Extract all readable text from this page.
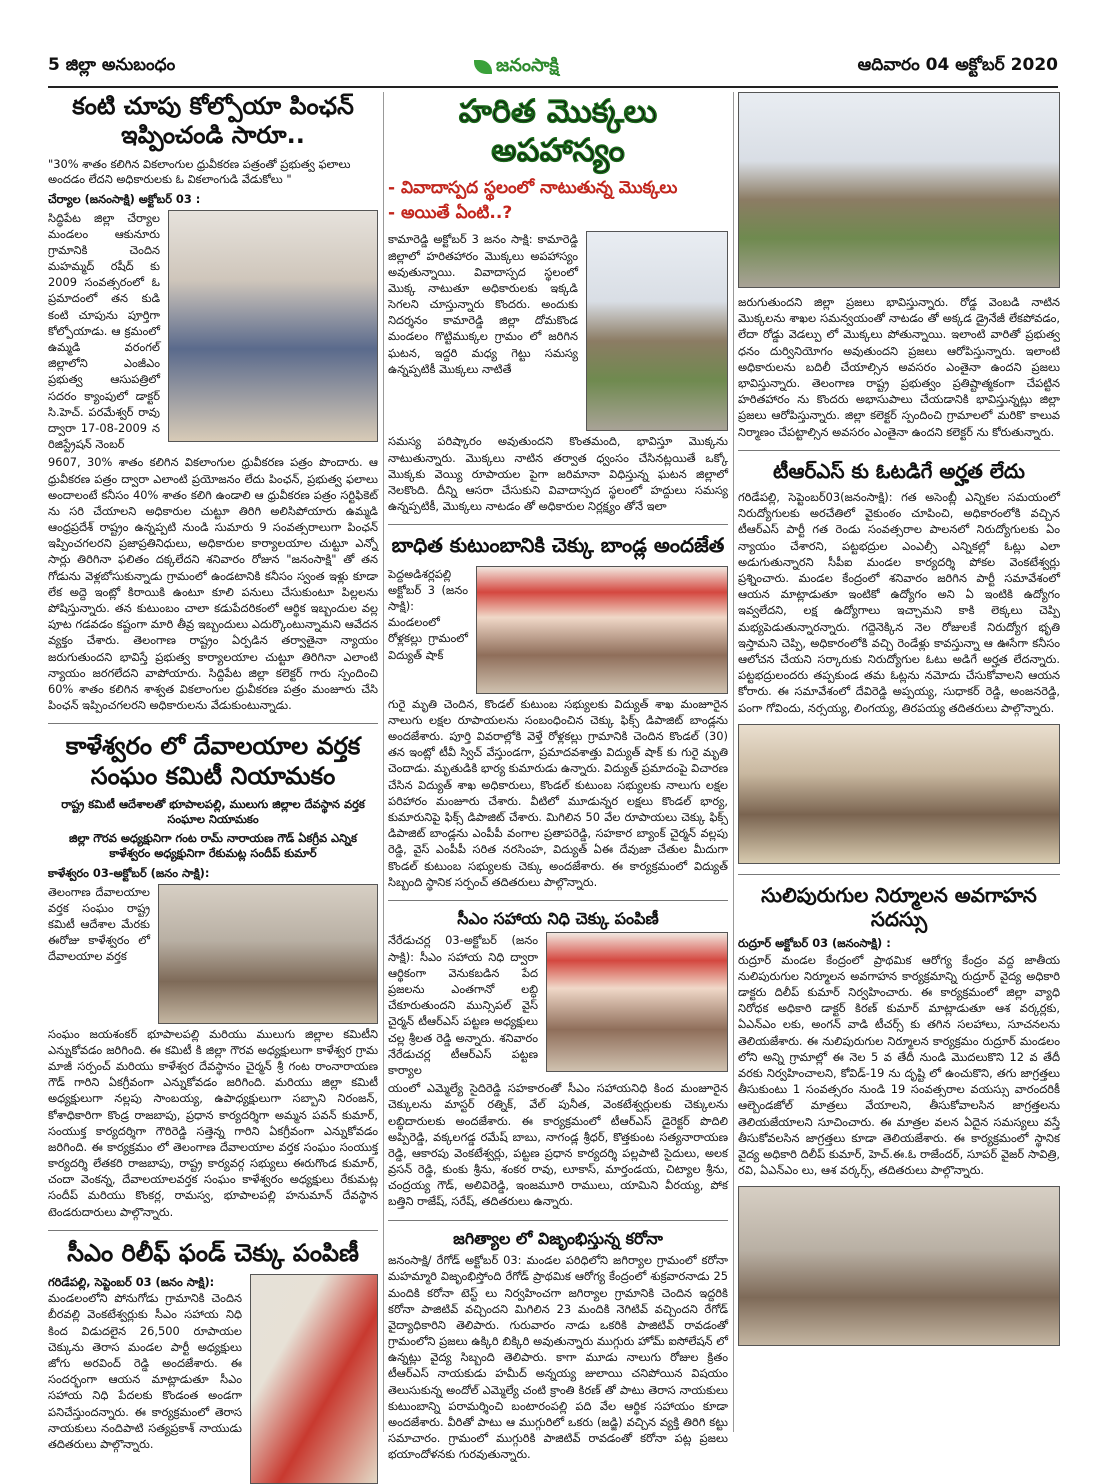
5 జిల్లా అనుబంధం	జనంసాక్షి	ఆదివారం 04 అక్టోబర్ 2020
కంటి చూపు కోల్పోయా పింఛన్ ఇప్పించండి సారూ..
"30% శాతం కలిగిన వికలాంగుల ధ్రువీకరణ పత్రంతో ప్రభుత్వ ఫలాలు అందడం లేదని అధికారులకు ఓ వికలాంగుడి వేడుకోలు "
చేర్యాల (జనంసాక్షి) అక్టోబర్ 03 :

సిద్ధిపేట జిల్లా చేర్యాల మండలం ఆకునూరు గ్రామానికి చెందిన మహమ్మద్ రషీద్ కు 2009 సంవత్సరంలో ఓ ప్రమాదంలో తన కుడి కంటి చూపును పూర్తిగా కోల్పోయాడు. ఆ క్రమంలో ఉమ్మడి వరంగల్ జిల్లాలోని ఎంజీఎం ప్రభుత్వ ఆసుపత్రిలో సదరం క్యాంపులో డాక్టర్ సి.హెచ్. పరమేశ్వర్ రావు ద్వారా 17-08-2009 న రిజిస్ట్రేషన్ నెంబర్

9607, 30% శాతం కలిగిన వికలాంగుల ధ్రువీకరణ పత్రం పొందారు. ఆ ధ్రువీకరణ పత్రం ద్వారా ఎలాంటి ప్రయోజనం లేదు పింఛన్, ప్రభుత్వ ఫలాలు అందాలంటే కనీసం 40% శాతం కలిగి ఉండాలి ఆ ధ్రువీకరణ పత్రం సర్టిఫికెట్ ను సరి చేయాలని అధికారుల చుట్టూ తిరిగి అలిసిపోయారు ఉమ్మడి ఆంధ్రప్రదేశ్ రాష్ట్రం ఉన్నప్పటి నుండి సుమారు 9 సంవత్సరాలుగా పింఛన్ ఇప్పించగలరని ప్రజాప్రతినిధులు, అధికారుల కార్యాలయాల చుట్టూ ఎన్నో సార్లు తిరిగినా ఫలితం దక్కలేదని శనివారం రోజున "జనంసాక్షి" తో తన గోడును వెళ్లబోసుకున్నాడు గ్రామంలో ఉండటానికి కనీసం స్వంత ఇళ్లు కూడా లేక అద్దె ఇంట్లో కిరాయికి ఉంటూ కూలి పనులు చేసుకుంటూ పిల్లలను పోషిస్తున్నారు. తన కుటుంబం చాలా కడుపేదరికంలో ఆర్థిక ఇబ్బందుల వల్ల పూట గడవడం కష్టంగా మారి తీవ్ర ఇబ్బందులు ఎదుర్కొంటున్నామని ఆవేదన వ్యక్తం చేశారు. తెలంగాణ రాష్ట్రం ఏర్పడిన తర్వాతైనా న్యాయం జరుగుతుందని భావిస్తే ప్రభుత్వ కార్యాలయాల చుట్టూ తిరిగినా ఎలాంటి న్యాయం జరగలేదని వాపోయారు. సిద్దిపేట జిల్లా కలెక్టర్ గారు స్పందించి 60% శాతం కలిగిన శాశ్వత వికలాంగుల ధ్రువీకరణ పత్రం మంజూరు చేసి పింఛన్ ఇప్పించగలరని అధికారులను వేడుకుంటున్నాడు.

కాళేశ్వరం లో దేవాలయాల వర్తక సంఘం కమిటీ నియామకం
రాష్ట్ర కమిటీ ఆదేశాలతో భూపాలపల్లి, ములుగు జిల్లాల దేవస్థాన వర్తక సంఘాల నియామకం
జిల్లా గౌరవ అధ్యక్షునిగా గంట రామ్ నారాయణ గౌడ్ ఏకగ్రీవ ఎన్నిక కాళేశ్వరం అధ్యక్షునిగా రేకుమట్ల సందీప్ కుమార్
కాళేశ్వరం 03-అక్టోబర్ (జనం సాక్షి):

తెలంగాణ దేవాలయాల వర్తక సంఘం రాష్ట్ర కమిటీ ఆదేశాల మేరకు ఈరోజు కాళేశ్వరం లో దేవాలయాల వర్తక

సంఘం జయశంకర్ భూపాలపల్లి మరియు ములుగు జిల్లాల కమిటీని ఎన్నుకోవడం జరిగింది. ఈ కమిటీ కి జిల్లా గౌరవ అధ్యక్షులుగా కాళేశ్వర గ్రామ మాజీ సర్పంచ్ మరియు కాళేశ్వర దేవస్థానం చైర్మన్ శ్రీ గంట రాంనారాయణ గౌడ్ గారిని ఏకగ్రీవంగా ఎన్నుకోవడం జరిగింది. మరియు జిల్లా కమిటీ అధ్యక్షులుగా నల్లపు సాంబయ్య, ఉపాధ్యక్షులుగా సబ్బాని నిరంజన్, కోశాధికారిగా కొండ్ర రాజబాపు, ప్రధాన కార్యదర్శిగా అమ్మన పవన్ కుమార్, సంయుక్త కార్యదర్శిగా గౌరిరెడ్డి సత్తెన్న గారిని ఏకగ్రీవంగా ఎన్నుకోవడం జరిగింది. ఈ కార్యక్రమం లో తెలంగాణ దేవాలయాల వర్తక సంఘం సంయుక్త కార్యదర్శి లేతకరి రాజబాపు, రాష్ట్ర కార్యవర్గ సభ్యులు ఈరుగొండ కుమార్, చందా వెంకన్న, దేవాలయాలవర్తక సంఘం కాళేశ్వరం అధ్యక్షులు రేకుమట్ల సందీప్ మరియు కొంకర్ల, రామస్వ, భూపాలపల్లి హనుమాన్ దేవస్థాన టెండరుదారులు పాల్గొన్నారు.

సీఎం రిలీఫ్ ఫండ్ చెక్కు పంపిణీ
గరిడేపల్లి, సెప్టెంబర్ 03 (జనం సాక్షి):

మండలంలోని పోనుగోడు గ్రామానికి చెందిన బీరవల్లి వెంకటేశ్వర్లుకు సీఎం సహాయ నిధి కింద విడుదలైన 26,500 రూపాయల చెక్కును తెరాస మండల పార్టీ అధ్యక్షులు జోగు అరవింద్ రెడ్డి అందజేశారు. ఈ సందర్భంగా ఆయన మాట్లాడుతూ సీఎం సహాయ నిధి పేదలకు కొండంత అండగా పనిచేస్తుందన్నారు. ఈ కార్యక్రమంలో తెరాస నాయకులు నందిపాటి సత్యప్రకాశ్ నాయుడు తదితరులు పాల్గొన్నారు.

హరిత మొక్కలు అపహాస్యం
- వివాదాస్పద స్థలంలో నాటుతున్న మొక్కలు
- అయితే ఏంటి..?

కామారెడ్డి అక్టోబర్ 3 జనం సాక్షి: కామారెడ్డి జిల్లాలో హరితహారం మొక్కలు అపహాస్యం అవుతున్నాయి. వివాదాస్పద స్థలంలో మొక్క నాటుతూ అధికారులకు ఇక్కడి సెగలని చూస్తున్నారు కొందరు. అందుకు నిదర్శనం కామారెడ్డి జిల్లా దోమకొండ మండలం గొట్టిముక్కల గ్రామం లో జరిగిన ఘటన, ఇద్దరి మధ్య గెట్టు సమస్య ఉన్నప్పటికీ మొక్కలు నాటితే

సమస్య పరిష్కారం అవుతుందని కొంతమంది, భావిస్తూ మొక్కను నాటుతున్నారు. మొక్కలు నాటిన తర్వాత ధ్వంసం చేసినట్లయితే ఒక్కో మొక్కకు వెయ్యి రూపాయల పైగా జరిమానా విధిస్తున్న ఘటన జిల్లాలో నెలకొంది. దీన్ని ఆసరా చేసుకుని వివాదాస్పద స్థలంలో హద్దులు సమస్య ఉన్నప్పటికీ, మొక్కలు నాటడం తో అధికారుల నిర్లక్ష్యం తోనే ఇలా

బాధిత కుటుంబానికి చెక్కు బాండ్ల అందజేత

పెద్దఅడిశర్లపల్లి అక్టోబర్ 3 (జనం సాక్షి): మండలంలో రోళ్లకల్లు గ్రామంలో విద్యుత్ షాక్

గురై మృతి చెందిన, కొండల్ కుటుంబ సభ్యులకు విద్యుత్ శాఖ మంజూరైన నాలుగు లక్షల రూపాయలను సంబంధించిన చెక్కు ఫిక్స్ డిపాజిట్ బాండ్లను అందజేశారు. పూర్తి వివరాల్లోకి వెళ్తే రోళ్లకల్లు గ్రామానికి చెందిన కొండల్ (30) తన ఇంట్లో టీవీ స్విచ్ వేస్తుండగా, ప్రమాదవశాత్తు విద్యుత్ షాక్ కు గురై మృతి చెందాడు. మృతుడికి భార్య కుమారుడు ఉన్నారు. విద్యుత్ ప్రమాదంపై విచారణ చేసిన విద్యుత్ శాఖ అధికారులు, కొండల్ కుటుంబ సభ్యులకు నాలుగు లక్షల పరిహారం మంజూరు చేశారు. వీటిలో మూడున్నర లక్షలు కొండల్ భార్య, కుమారునిపై ఫిక్స్ డిపాజిట్ చేశారు. మిగిలిన 50 వేల రూపాయలు చెక్కు ఫిక్స్ డిపాజిట్ బాండ్లను ఎంపీపీ వంగాల ప్రతాపరెడ్డి, సహకార బ్యాంక్ చైర్మన్ వల్లపు రెడ్డి, వైస్ ఎంపీపీ సరిత నరసింహ, విద్యుత్ ఏఈ దేవుజా చేతుల మీదుగా కొండల్ కుటుంబ సభ్యులకు చెక్కు అందజేశారు. ఈ కార్యక్రమంలో విద్యుత్ సిబ్బంది స్థానిక సర్పంచ్ తదితరులు పాల్గొన్నారు.

సీఎం సహాయ నిధి చెక్కు పంపిణీ

నేరేడుచర్ల 03-అక్టోబర్ (జనం సాక్షి): సీఎం సహాయ నిధి ద్వారా ఆర్థికంగా వెనుకబడిన పేద ప్రజలను ఎంతగానో లబ్ధి చేకూరుతుందని మున్సిపల్ వైస్ చైర్మన్ టీఆర్ఎస్ పట్టణ అధ్యక్షులు చల్ల శ్రీలత రెడ్డి అన్నారు. శనివారం నేరేడుచర్ల టీఆర్ఎస్ పట్టణ కార్యాల

యంలో ఎమ్మెల్యే సైదిరెడ్డి సహకారంతో సీఎం సహాయనిధి కింద మంజూరైన చెక్కులను మాస్టర్ రత్నిక్, వేల్ పునీత, వెంకటేశ్వర్లులకు చెక్కులను లబ్ధిదారులకు అందజేశారు. ఈ కార్యక్రమంలో టీఆర్ఎస్ డైరెక్టర్ పొదిలి అప్పిరెడ్డి, వక్కలగడ్డ రమేష్ బాబు, నాగండ్ల శ్రీధర్, కొత్తకుంట సత్యనారాయణ రెడ్డి, ఆకారపు వెంకటేశ్వర్లు, పట్టణ ప్రధాన కార్యదర్శి పల్లపాటి సైదులు, అలక వ్రసన్ రెడ్డి, కుంకు శ్రీను, శంకర రావు, లూకాస్, మార్తండయ, చిట్యాల శ్రీను, చంద్రయ్య గౌడ్, అలివిరెడ్డి, ఇంజమూరి రాములు, యామిని వీరయ్య, పోక బత్తిని రాజేష్, సరేష్, తదితరులు ఉన్నారు.

జగిత్యాల లో విజృంభిస్తున్న కరోనా

జనంసాక్షి/ రేగోడ్ అక్టోబర్ 03: మండల పరిధిలోని జగిర్యాల గ్రామంలో కరోనా మహమ్మారి విజృంభిస్తోంది రేగోడ్ ప్రాథమిక ఆరోగ్య కేంద్రంలో శుక్రవారనాడు 25 మందికి కరోనా టెస్ట్ లు నిర్వహించగా జగిర్యాల గ్రామానికి చెందిన ఇద్దరికి కరోనా పాజిటివ్ వచ్చిందని మిగిలిన 23 మందికి నెగిటివ్ వచ్చిందని రేగోడ్ వైద్యాధికారిని తెలిపారు. గురువారం నాడు ఒకరికి పాజిటివ్ రావడంతో గ్రామంలోని ప్రజలు ఉక్కిరి బిక్కిరి అవుతున్నారు ముగ్గురు హోమ్ ఐసోలేషన్ లో ఉన్నట్లు వైద్య సిబ్బంది తెలిపారు. కాగా మూడు నాలుగు రోజుల క్రితం టీఆర్ఎస్ నాయకుడు హమీద్ అన్నయ్య జులాయి చనిపోయిన విషయం తెలుసుకున్న అందోల్ ఎమ్మెల్యే చంటి క్రాంతి కిరణ్ తో పాటు తెరాస నాయకులు కుటుంబాన్ని పరామర్శించి బంటారంపల్లి పది వేల ఆర్థిక సహాయం కూడా అందజేశారు. వీరితో పాటు ఆ ముగ్గురిలో ఒకరు (జడ్జి) వచ్చిన వ్యక్తి తిరిగి కట్టు సమాచారం. గ్రామంలో ముగ్గురికి పాజిటివ్ రావడంతో కరోనా పట్ల ప్రజలు భయాందోళనకు గురవుతున్నారు.

జరుగుతుందని జిల్లా ప్రజలు భావిస్తున్నారు. రోడ్డ వెంబడి నాటిన మొక్కలను శాఖల సమన్వయంతో నాటడం తో అక్కడ డ్రైనేజీ లేకపోవడం, లేదా రోడ్డు వెడల్పు లో మొక్కలు పోతున్నాయి. ఇలాంటి వారితో ప్రభుత్వ ధనం దుర్వినియోగం అవుతుందని ప్రజలు ఆరోపిస్తున్నారు. ఇలాంటి అధికారులను బదిలీ చేయాల్సిన అవసరం ఎంతైనా ఉందని ప్రజలు భావిస్తున్నారు. తెలంగాణ రాష్ట్ర ప్రభుత్వం ప్రతిష్టాత్మకంగా చేపట్టిన హరితహారం ను కొందరు అభాసుపాలు చేయడానికి భావిస్తున్నట్లు జిల్లా ప్రజలు ఆరోపిస్తున్నారు. జిల్లా కలెక్టర్ స్పందించి గ్రామాలలో మరికొ కాలువ నిర్మాణం చేపట్టాల్సిన అవసరం ఎంతైనా ఉందని కలెక్టర్ ను కోరుతున్నారు.

టీఆర్ఎస్ కు ఓటడిగే అర్హత లేదు

గరిడేపల్లి, సెప్టెంబర్03(జనంసాక్షి): గత అసెంబ్లీ ఎన్నికల సమయంలో నిరుద్యోగులకు అరచేతిలో వైకుంఠం చూపించి, అధికారంలోకి వచ్చిన టీఆర్ఎస్ పార్టీ గత రెండు సంవత్సరాల పాలనలో నిరుద్యోగులకు ఏం న్యాయం చేశారని, పట్టభద్రుల ఎంఎల్సీ ఎన్నికల్లో ఓట్లు ఎలా అడుగుతున్నారని సీపీఐ మండల కార్యదర్శి పోకల వెంకటేశ్వర్లు ప్రశ్నించారు. మండల కేంద్రంలో శనివారం జరిగిన పార్టీ సమావేశంలో ఆయన మాట్లాడుతూ ఇంటికో ఉద్యోగం అని ఏ ఇంటికి ఉద్యోగం ఇవ్వలేదని, లక్ష ఉద్యోగాలు ఇచ్చామని కాకి లెక్కలు చెప్పి మభ్యపెడుతున్నారన్నారు. గద్దెనెక్కిన నెల రోజులకే నిరుద్యోగ భృతి ఇస్తామని చెప్పి, అధికారంలోకి వచ్చి రెండేళ్లు కావస్తున్నా ఆ ఊసేగా కనీసం ఆలోచన చేయని సర్కారుకు నిరుద్యోగుల ఓటు అడిగే అర్హత లేదన్నారు. పట్టభద్రులందరు తప్పకుండ తమ ఓట్లను నమోదు చేసుకోవాలని ఆయన కోరారు. ఈ సమావేశంలో దేవిరెడ్డి అప్పయ్య, సుధాకర్ రెడ్డి, అంజనరెడ్డి, పంగా గోవిందు, నర్సయ్య, లింగయ్య, తిరపయ్య తదితరులు పాల్గొన్నారు.

సులిపురుగుల నిర్మూలన అవగాహన సదస్సు
రుద్రూర్ అక్టోబర్ 03 (జనంసాక్షి) :

రుద్రూర్ మండల కేంద్రంలో ప్రాథమిక ఆరోగ్య కేంద్రం వద్ద జాతీయ నులిపురుగుల నిర్మూలన అవగాహన కార్యక్రమాన్ని రుద్రూర్ వైద్య అధికారి డాక్టరు దిలీప్ కుమార్ నిర్వహించారు. ఈ కార్యక్రమంలో జిల్లా వ్యాధి నిరోధక అధికారి డాక్టర్ కిరణ్ కుమార్ మాట్లాడుతూ ఆశ వర్కర్లకు, ఏఎన్ఎం లకు, అంగన్ వాడి టీచర్స్ కు తగిన సలహాలు, సూచనలను తెలియజేశారు. ఈ నులిపురుగుల నిర్మూలన కార్యక్రమం రుద్రూర్ మండలం లోని అన్ని గ్రామాల్లో ఈ నెల 5 వ తేదీ నుండి మొదలుకొని 12 వ తేదీ వరకు నిర్వహించాలని, కోవిడ్-19 ను దృష్టి లో ఉంచుకొని, తగు జాగ్రత్తలు తీసుకుంటు 1 సంవత్సరం నుండి 19 సంవత్సరాల వయస్సు వారందరికీ ఆల్బెండజోల్ మాత్రలు వేయాలని, తీసుకోవాలసిన జాగ్రత్తలను తెలియజేయాలని సూచించారు. ఈ మాత్రల వలన ఏదైన సమస్యలు వస్తే తీసుకోవలసిన జాగ్రత్తలు కూడా తెలియజేశారు. ఈ కార్యక్రమంలో స్థానిక వైద్య అధికారి దిలీప్ కుమార్, హెచ్.ఈ.ఓ రాజేందర్, సూపర్ వైజర్ సావిత్రి, రవి, ఏఎన్ఎం లు, ఆశ వర్కర్స్, తదితరులు పాల్గొన్నారు.
